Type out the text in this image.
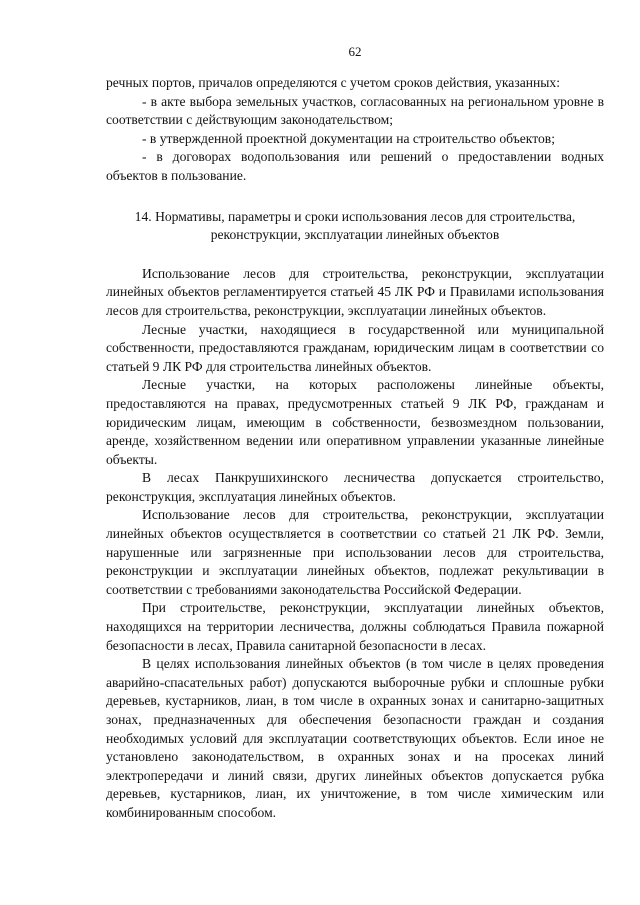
62

речных портов, причалов определяются с учетом сроков действия, указанных:

- в акте выбора земельных участков, согласованных на региональном уровне в соответствии с действующим законодательством;

- в утвержденной проектной документации на строительство объектов;

- в договорах водопользования или решений о предоставлении водных объектов в пользование.

14. Нормативы, параметры и сроки использования лесов для строительства, реконструкции, эксплуатации линейных объектов

Использование лесов для строительства, реконструкции, эксплуатации линейных объектов регламентируется статьей 45 ЛК РФ и Правилами использования лесов для строительства, реконструкции, эксплуатации линейных объектов.

Лесные участки, находящиеся в государственной или муниципальной собственности, предоставляются гражданам, юридическим лицам в соответствии со статьей 9 ЛК РФ для строительства линейных объектов.

Лесные участки, на которых расположены линейные объекты, предоставляются на правах, предусмотренных статьей 9 ЛК РФ, гражданам и юридическим лицам, имеющим в собственности, безвозмездном пользовании, аренде, хозяйственном ведении или оперативном управлении указанные линейные объекты.

В лесах Панкрушихинского лесничества допускается строительство, реконструкция, эксплуатация линейных объектов.

Использование лесов для строительства, реконструкции, эксплуатации линейных объектов осуществляется в соответствии со статьей 21 ЛК РФ. Земли, нарушенные или загрязненные при использовании лесов для строительства, реконструкции и эксплуатации линейных объектов, подлежат рекультивации в соответствии с требованиями законодательства Российской Федерации.

При строительстве, реконструкции, эксплуатации линейных объектов, находящихся на территории лесничества, должны соблюдаться Правила пожарной безопасности в лесах, Правила санитарной безопасности в лесах.

В целях использования линейных объектов (в том числе в целях проведения аварийно-спасательных работ) допускаются выборочные рубки и сплошные рубки деревьев, кустарников, лиан, в том числе в охранных зонах и санитарно-защитных зонах, предназначенных для обеспечения безопасности граждан и создания необходимых условий для эксплуатации соответствующих объектов. Если иное не установлено законодательством, в охранных зонах и на просеках линий электропередачи и линий связи, других линейных объектов допускается рубка деревьев, кустарников, лиан, их уничтожение, в том числе химическим или комбинированным способом.
